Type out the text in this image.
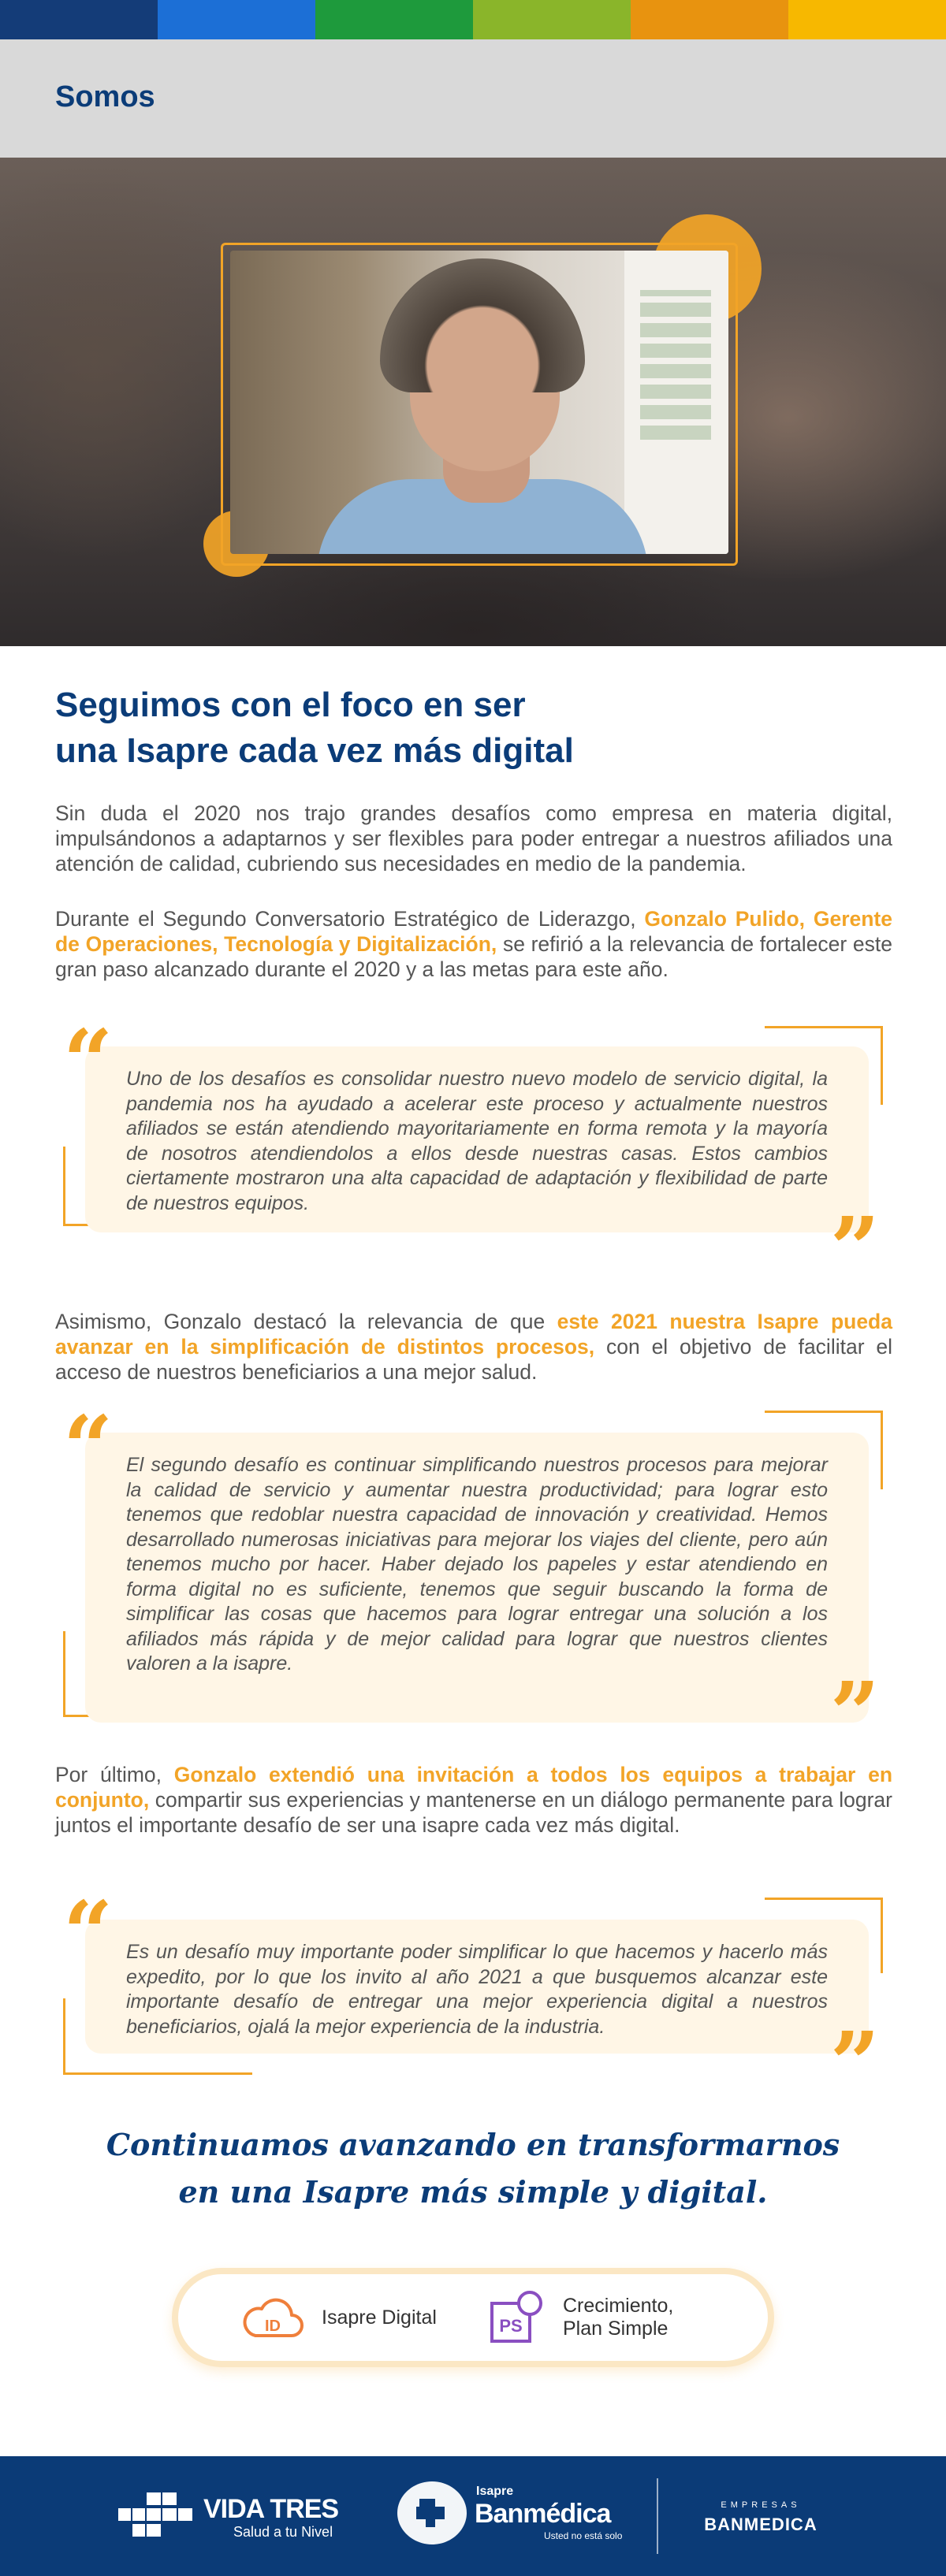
Somos
Seguimos con el foco en ser
una Isapre cada vez más digital

Sin duda el 2020 nos trajo grandes desafíos como empresa en materia digital, impulsándonos a adaptarnos y ser flexibles para poder entregar a nuestros afiliados una atención de calidad, cubriendo sus necesidades en medio de la pandemia.

Durante el Segundo Conversatorio Estratégico de Liderazgo, Gonzalo Pulido, Gerente de Operaciones, Tecnología y Digitalización, se refirió a la relevancia de fortalecer este gran paso alcanzado durante el 2020 y a las metas para este año.

Uno de los desafíos es consolidar nuestro nuevo modelo de servicio digital, la pandemia nos ha ayudado a acelerar este proceso y actualmente nuestros afiliados se están atendiendo mayoritariamente en forma remota y la mayoría de nosotros atendiendolos a ellos desde nuestras casas. Estos cambios ciertamente mostraron una alta capacidad de adaptación y flexibilidad de parte de nuestros equipos.

“
”

Asimismo, Gonzalo destacó la relevancia de que este 2021 nuestra Isapre pueda avanzar en la simplificación de distintos procesos, con el objetivo de facilitar el acceso de nuestros beneficiarios a una mejor salud.

El segundo desafío es continuar simplificando nuestros procesos para mejorar la calidad de servicio y aumentar nuestra productividad; para lograr esto tenemos que redoblar nuestra capacidad de innovación y creatividad. Hemos desarrollado numerosas iniciativas para mejorar los viajes del cliente, pero aún tenemos mucho por hacer. Haber dejado los papeles y estar atendiendo en forma digital no es suficiente, tenemos que seguir buscando la forma de simplificar las cosas que hacemos para lograr entregar una solución a los afiliados más rápida y de mejor calidad para lograr que nuestros clientes valoren a la isapre.

“
”

Por último, Gonzalo extendió una invitación a todos los equipos a trabajar en conjunto, compartir sus experiencias y mantenerse en un diálogo permanente para lograr juntos el importante desafío de ser una isapre cada vez más digital.

Es un desafío muy importante poder simplificar lo que hacemos y hacerlo más expedito, por lo que los invito al año 2021 a que busquemos alcanzar este importante desafío de entregar una mejor experiencia digital a nuestros beneficiarios, ojalá la mejor experiencia de la industria.

“
”
Continuamos avanzando en transformarnos
en una Isapre más simple y digital.
ID Isapre Digital	PS
Crecimiento,
Plan Simple
VIDA TRES
Salud a tu Nivel
Isapre
Banmédica
Usted no está solo
EMPRESAS
BANMEDICA
